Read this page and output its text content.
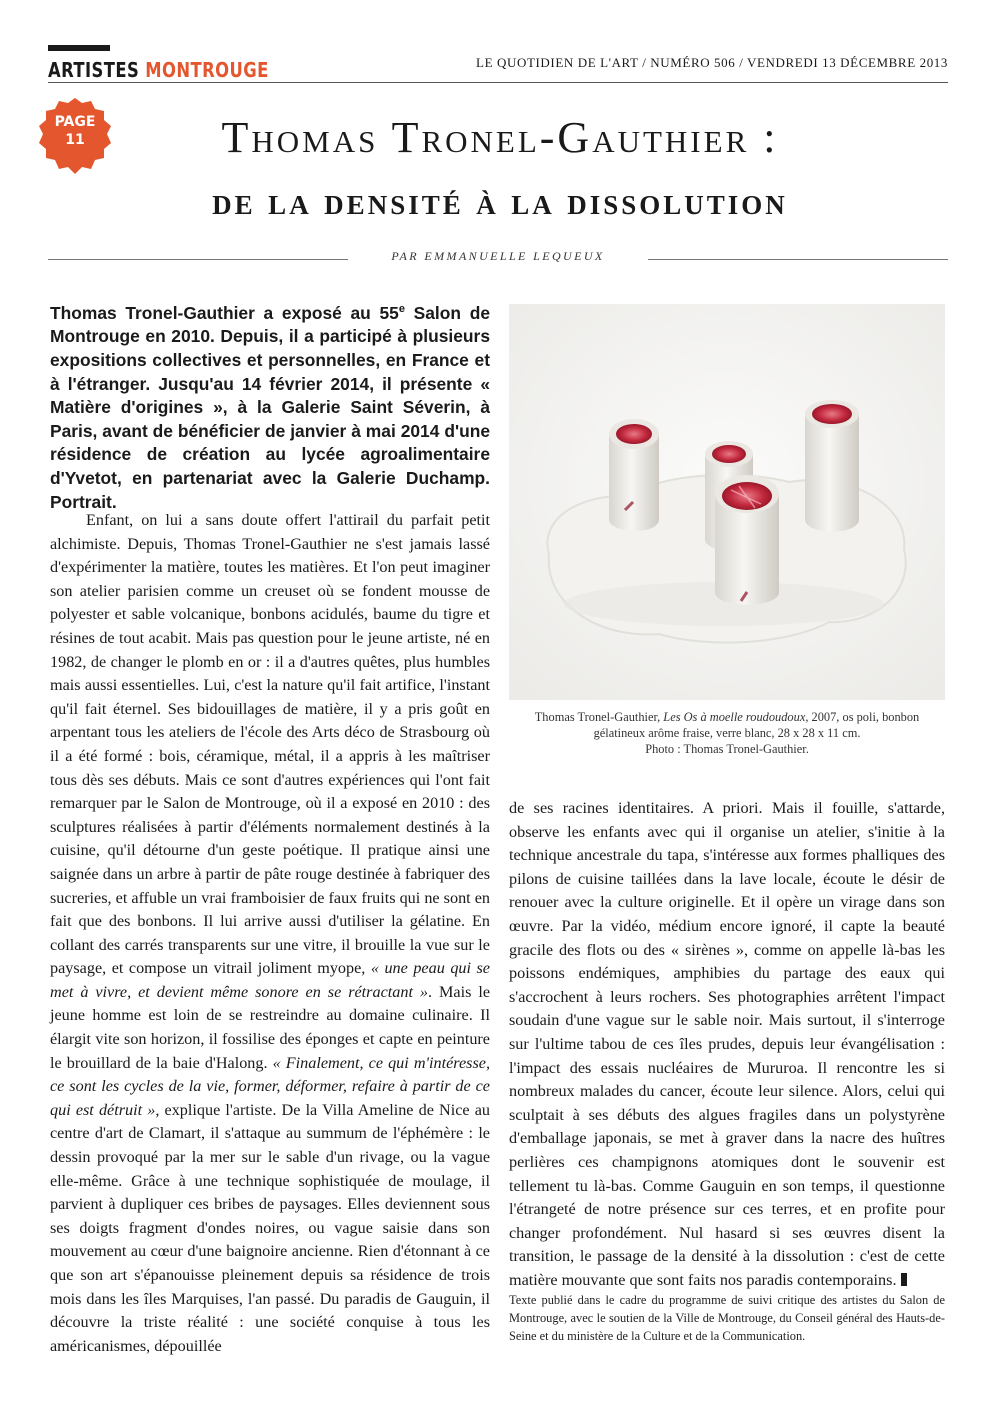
ARTISTES MONTROUGE	LE QUOTIDIEN DE L'ART / NUMÉRO 506 / VENDREDI 13 DÉCEMBRE 2013
PAGE
11	Thomas Tronel-Gauthier :
de la densité à la dissolution
PAR EMMANUELLE LEQUEUX
Thomas Tronel-Gauthier a exposé au 55e Salon de Montrouge en 2010. Depuis, il a participé à plusieurs expositions collectives et personnelles, en France et à l'étranger. Jusqu'au 14 février 2014, il présente « Matière d'origines », à la Galerie Saint Séverin, à Paris, avant de bénéficier de janvier à mai 2014 d'une résidence de création au lycée agroalimentaire d'Yvetot, en partenariat avec la Galerie Duchamp. Portrait.

Enfant, on lui a sans doute offert l'attirail du parfait petit alchimiste. Depuis, Thomas Tronel-Gauthier ne s'est jamais lassé d'expérimenter la matière, toutes les matières. Et l'on peut imaginer son atelier parisien comme un creuset où se fondent mousse de polyester et sable volcanique, bonbons acidulés, baume du tigre et résines de tout acabit. Mais pas question pour le jeune artiste, né en 1982, de changer le plomb en or : il a d'autres quêtes, plus humbles mais aussi essentielles. Lui, c'est la nature qu'il fait artifice, l'instant qu'il fait éternel. Ses bidouillages de matière, il y a pris goût en arpentant tous les ateliers de l'école des Arts déco de Strasbourg où il a été formé : bois, céramique, métal, il a appris à les maîtriser tous dès ses débuts. Mais ce sont d'autres expériences qui l'ont fait remarquer par le Salon de Montrouge, où il a exposé en 2010 : des sculptures réalisées à partir d'éléments normalement destinés à la cuisine, qu'il détourne d'un geste poétique. Il pratique ainsi une saignée dans un arbre à partir de pâte rouge destinée à fabriquer des sucreries, et affuble un vrai framboisier de faux fruits qui ne sont en fait que des bonbons. Il lui arrive aussi d'utiliser la gélatine. En collant des carrés transparents sur une vitre, il brouille la vue sur le paysage, et compose un vitrail joliment myope, « une peau qui se met à vivre, et devient même sonore en se rétractant ». Mais le jeune homme est loin de se restreindre au domaine culinaire. Il élargit vite son horizon, il fossilise des éponges et capte en peinture le brouillard de la baie d'Halong. « Finalement, ce qui m'intéresse, ce sont les cycles de la vie, former, déformer, refaire à partir de ce qui est détruit », explique l'artiste. De la Villa Ameline de Nice au centre d'art de Clamart, il s'attaque au summum de l'éphémère : le dessin provoqué par la mer sur le sable d'un rivage, ou la vague elle-même. Grâce à une technique sophistiquée de moulage, il parvient à dupliquer ces bribes de paysages. Elles deviennent sous ses doigts fragment d'ondes noires, ou vague saisie dans son mouvement au cœur d'une baignoire ancienne. Rien d'étonnant à ce que son art s'épanouisse pleinement depuis sa résidence de trois mois dans les îles Marquises, l'an passé. Du paradis de Gauguin, il découvre la triste réalité : une société conquise à tous les américanismes, dépouillée

Thomas Tronel-Gauthier, Les Os à moelle roudoudoux, 2007, os poli, bonbon gélatineux arôme fraise, verre blanc, 28 x 28 x 11 cm.
Photo : Thomas Tronel-Gauthier.
de ses racines identitaires. A priori. Mais il fouille, s'attarde, observe les enfants avec qui il organise un atelier, s'initie à la technique ancestrale du tapa, s'intéresse aux formes phalliques des pilons de cuisine taillées dans la lave locale, écoute le désir de renouer avec la culture originelle. Et il opère un virage dans son œuvre. Par la vidéo, médium encore ignoré, il capte la beauté gracile des flots ou des « sirènes », comme on appelle là-bas les poissons endémiques, amphibies du partage des eaux qui s'accrochent à leurs rochers. Ses photographies arrêtent l'impact soudain d'une vague sur le sable noir. Mais surtout, il s'interroge sur l'ultime tabou de ces îles prudes, depuis leur évangélisation : l'impact des essais nucléaires de Mururoa. Il rencontre les si nombreux malades du cancer, écoute leur silence. Alors, celui qui sculptait à ses débuts des algues fragiles dans un polystyrène d'emballage japonais, se met à graver dans la nacre des huîtres perlières ces champignons atomiques dont le souvenir est tellement tu là-bas. Comme Gauguin en son temps, il questionne l'étrangeté de notre présence sur ces terres, et en profite pour changer profondément. Nul hasard si ses œuvres disent la transition, le passage de la densité à la dissolution : c'est de cette matière mouvante que sont faits nos paradis contemporains.
Texte publié dans le cadre du programme de suivi critique des artistes du Salon de Montrouge, avec le soutien de la Ville de Montrouge, du Conseil général des Hauts-de-Seine et du ministère de la Culture et de la Communication.
